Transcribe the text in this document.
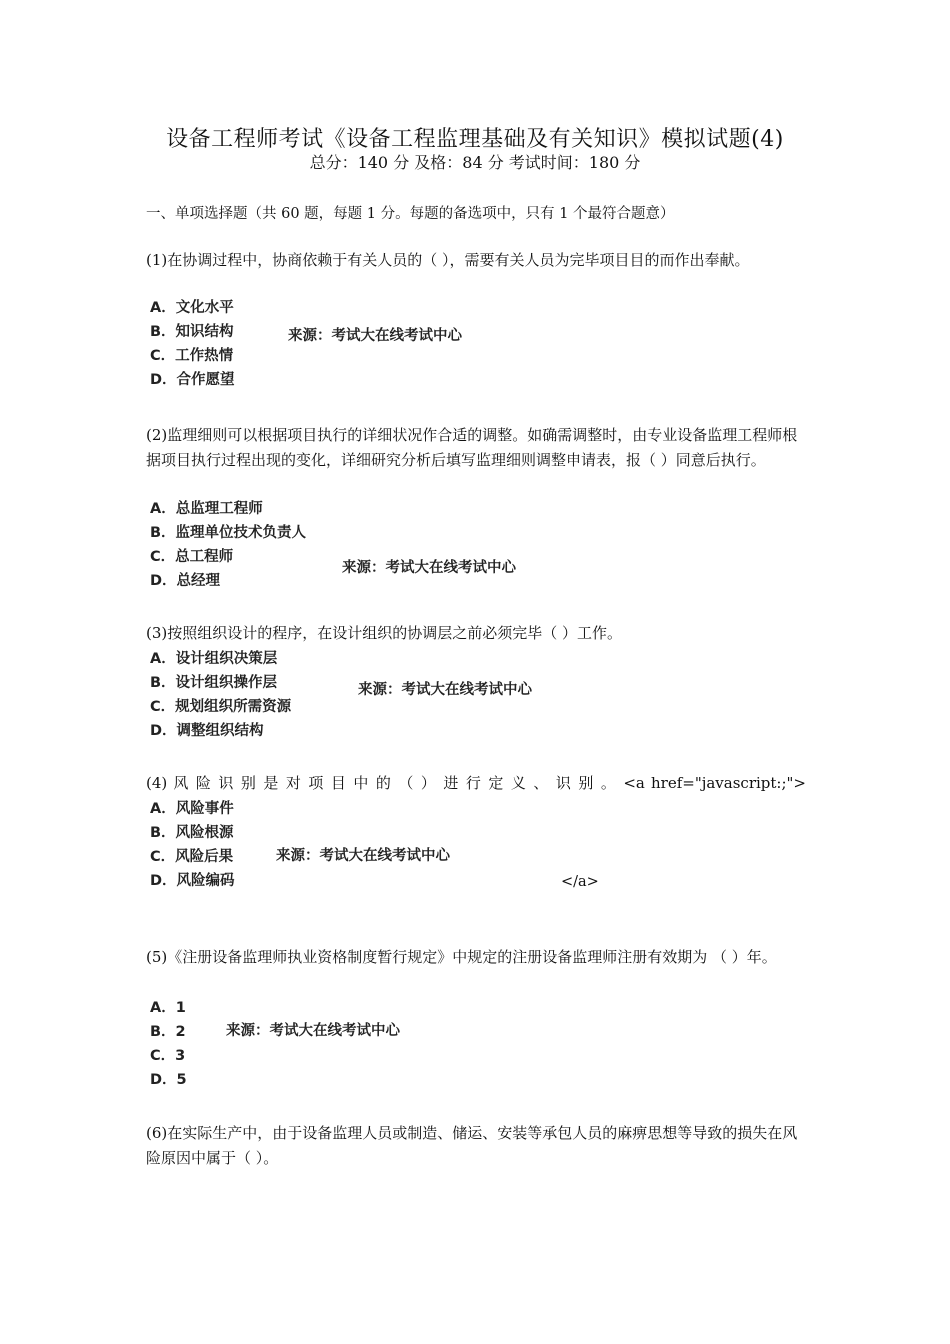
设备工程师考试《设备工程监理基础及有关知识》模拟试题(4)
总分：140 分 及格：84 分 考试时间：180 分
一、单项选择题（共 60 题，每题 1 分。每题的备选项中，只有 1 个最符合题意）
(1)在协调过程中，协商依赖于有关人员的（ ），需要有关人员为完毕项目目的而作出奉献。
A．文化水平
B．知识结构
C．工作热情
D．合作愿望
来源：考试大在线考试中心
(2)监理细则可以根据项目执行的详细状况作合适的调整。如确需调整时，由专业设备监理工程师根据项目执行过程出现的变化，详细研究分析后填写监理细则调整申请表，报（ ）同意后执行。
A．总监理工程师
B．监理单位技术负责人
C．总工程师
D．总经理
来源：考试大在线考试中心
(3)按照组织设计的程序，在设计组织的协调层之前必须完毕（ ）工作。
A．设计组织决策层
B．设计组织操作层
C．规划组织所需资源
D．调整组织结构
来源：考试大在线考试中心
(4) 风 险 识 别 是 对 项 目 中 的 （ ） 进 行 定 义 、 识 别 。 <a href="javascript:;">
A．风险事件
B．风险根源
C．风险后果
D．风险编码
来源：考试大在线考试中心
</a>
(5)《注册设备监理师执业资格制度暂行规定》中规定的注册设备监理师注册有效期为 （ ）年。
A．1
B．2
C．3
D．5
来源：考试大在线考试中心
(6)在实际生产中，由于设备监理人员或制造、储运、安装等承包人员的麻痹思想等导致的损失在风险原因中属于（ ）。
